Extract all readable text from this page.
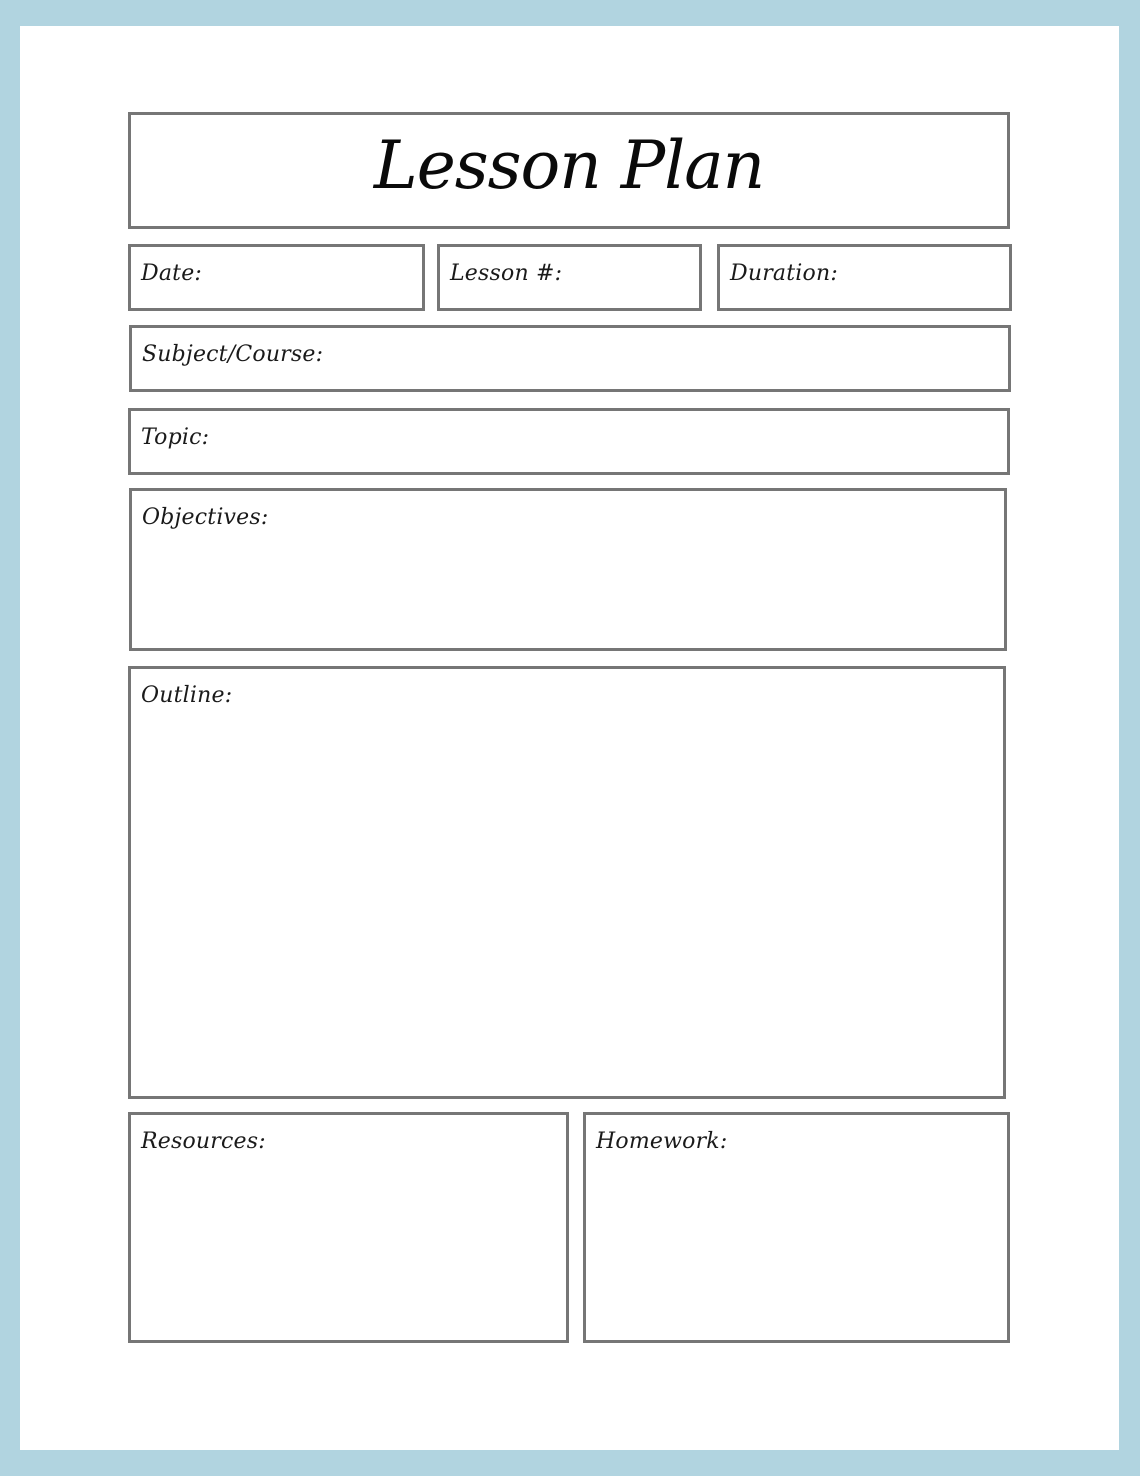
Lesson Plan
Date:	Lesson #:	Duration:
Subject/Course:
Topic:
Objectives:
Outline:
Resources:	Homework:
